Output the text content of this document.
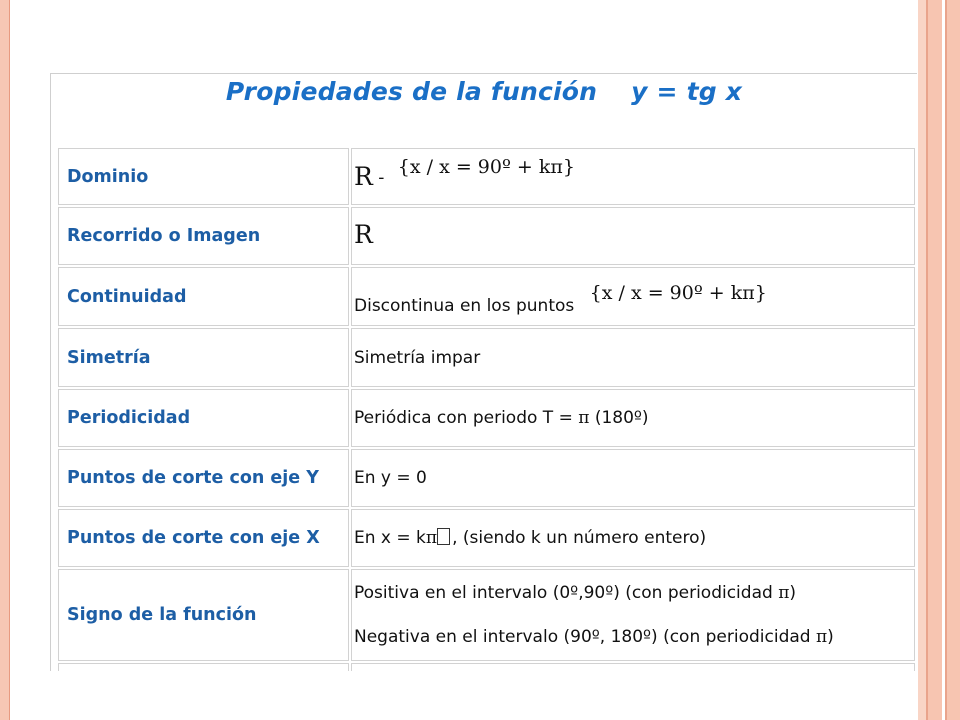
Propiedades de la función y = tg x
Dominio	R - {x / x = 90º + kπ}
Recorrido o Imagen	R
Continuidad	Discontinua en los puntos {x / x = 90º + kπ}
Simetría	Simetría impar
Periodicidad	Periódica con periodo T = π (180º)
Puntos de corte con eje Y	En y = 0
Puntos de corte con eje X	En x = kπ , (siendo k un número entero)
Signo de la función	Positiva en el intervalo (0º,90º) (con periodicidad π)
Negativa en el intervalo (90º, 180º) (con periodicidad π)
